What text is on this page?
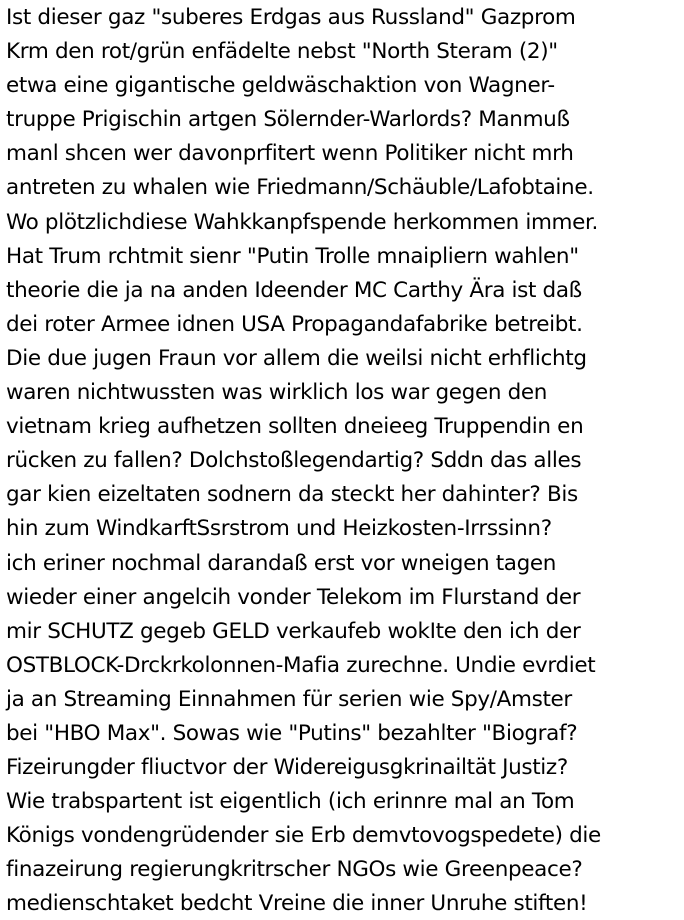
Ist dieser gaz "suberes Erdgas aus Russland" Gazprom
Krm den rot/grün enfädelte nebst "North Steram (2)"
etwa eine gigantische geldwäschaktion von Wagner-
truppe Prigischin artgen Sölernder-Warlords? Manmuß
manl shcen wer davonprfitert wenn Politiker nicht mrh
antreten zu whalen wie Friedmann/Schäuble/Lafobtaine.
Wo plötzlichdiese Wahkkanpfspende herkommen immer.
Hat Trum rchtmit sienr "Putin Trolle mnaipliern wahlen"
theorie die ja na anden Ideender MC Carthy Ära ist daß
dei roter Armee idnen USA Propagandafabrike betreibt.
Die due jugen Fraun vor allem die weilsi nicht erhflichtg
waren nichtwussten was wirklich los war gegen den
vietnam krieg aufhetzen sollten dneieeg Truppendin en
rücken zu fallen? Dolchstoßlegendartig? Sddn das alles
gar kien eizeltaten sodnern da steckt her dahinter? Bis
hin zum WindkarftSsrstrom und Heizkosten-Irrssinn?
ich eriner nochmal darandaß erst vor wneigen tagen
wieder einer angelcih vonder Telekom im Flurstand der
mir SCHUTZ gegeb GELD verkaufeb wokIte den ich der
OSTBLOCK-Drckrkolonnen-Mafia zurechne. Undie evrdiet
ja an Streaming Einnahmen für serien wie Spy/Amster
bei "HBO Max". Sowas wie "Putins" bezahlter "Biograf?
Fizeirungder fliuctvor der Widereigusgkrinailtät Justiz?
Wie trabspartent ist eigentlich (ich erinnre mal an Tom
Königs vondengrüdender sie Erb demvtovogspedete) die
finazeirung regierungkritrscher NGOs wie Greenpeace?
medienschtaket bedcht Vreine die inner Unruhe stiften!
